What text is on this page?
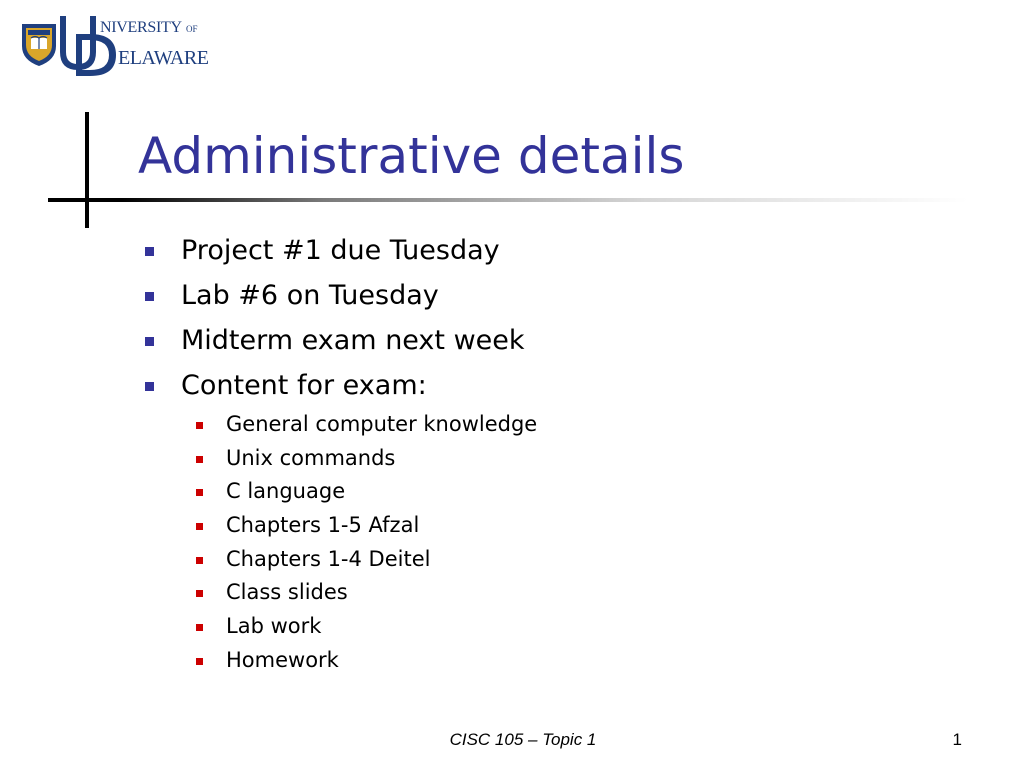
NIVERSITY OF
ELAWARE
Administrative details
Project #1 due Tuesday
Lab #6 on Tuesday
Midterm exam next week
Content for exam:
General computer knowledge
Unix commands
C language
Chapters 1-5 Afzal
Chapters 1-4 Deitel
Class slides
Lab work
Homework
CISC 105 – Topic 1	1
